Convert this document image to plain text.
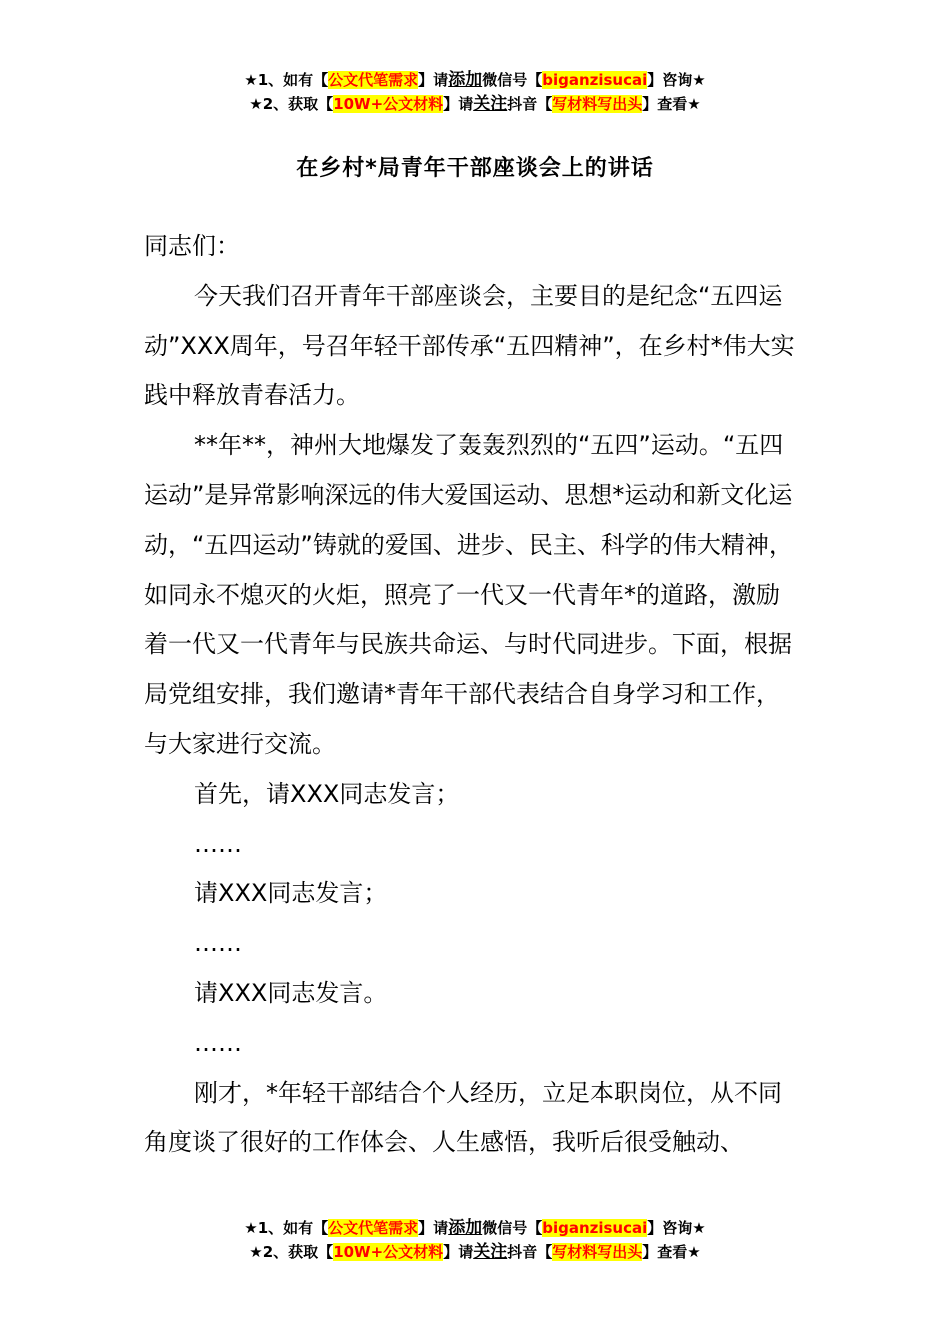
★1、如有【公文代笔需求】请添加微信号【biganzisucai】咨询★
★2、获取【10W+公文材料】请关注抖音【写材料写出头】查看★
在乡村*局青年干部座谈会上的讲话

同志们：

今天我们召开青年干部座谈会，主要目的是纪念“五四运动”XXX周年，号召年轻干部传承“五四精神”，在乡村*伟大实践中释放青春活力。

**年**，神州大地爆发了轰轰烈烈的“五四”运动。“五四运动”是异常影响深远的伟大爱国运动、思想*运动和新文化运动，“五四运动”铸就的爱国、进步、民主、科学的伟大精神，如同永不熄灭的火炬，照亮了一代又一代青年*的道路，激励着一代又一代青年与民族共命运、与时代同进步。下面，根据局党组安排，我们邀请*青年干部代表结合自身学习和工作，与大家进行交流。

首先，请XXX同志发言；

……

请XXX同志发言；

……

请XXX同志发言。

……

刚才，*年轻干部结合个人经历，立足本职岗位，从不同角度谈了很好的工作体会、人生感悟，我听后很受触动、

★1、如有【公文代笔需求】请添加微信号【biganzisucai】咨询★
★2、获取【10W+公文材料】请关注抖音【写材料写出头】查看★
